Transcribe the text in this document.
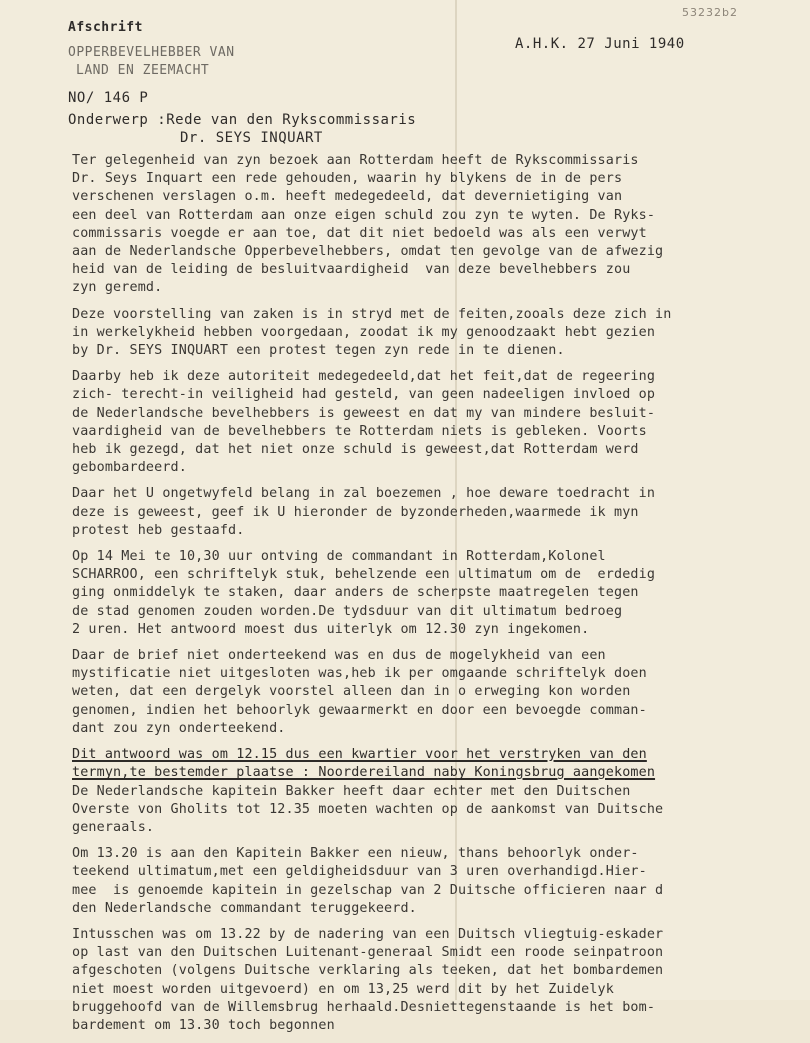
53232b2
Afschrift
OPPERBEVELHEBBER VAN
LAND EN ZEEMACHT
A.H.K. 27 Juni 1940
NO/ 146 P
Onderwerp :Rede van den Rykscommissaris
Dr. SEYS INQUART
Ter gelegenheid van zyn bezoek aan Rotterdam heeft de Rykscommissaris
Dr. Seys Inquart een rede gehouden, waarin hy blykens de in de pers
verschenen verslagen o.m. heeft medegedeeld, dat devernietiging van
een deel van Rotterdam aan onze eigen schuld zou zyn te wyten. De Ryks-
commissaris voegde er aan toe, dat dit niet bedoeld was als een verwyt
aan de Nederlandsche Opperbevelhebbers, omdat ten gevolge van de afwezig
heid van de leiding de besluitvaardigheid  van deze bevelhebbers zou
zyn geremd.
Deze voorstelling van zaken is in stryd met de feiten,zooals deze zich in
in werkelykheid hebben voorgedaan, zoodat ik my genoodzaakt hebt gezien
by Dr. SEYS INQUART een protest tegen zyn rede in te dienen.
Daarby heb ik deze autoriteit medegedeeld,dat het feit,dat de regeering
zich- terecht-in veiligheid had gesteld, van geen nadeeligen invloed op
de Nederlandsche bevelhebbers is geweest en dat my van mindere besluit-
vaardigheid van de bevelhebbers te Rotterdam niets is gebleken. Voorts
heb ik gezegd, dat het niet onze schuld is geweest,dat Rotterdam werd
gebombardeerd.
Daar het U ongetwyfeld belang in zal boezemen , hoe deware toedracht in
deze is geweest, geef ik U hieronder de byzonderheden,waarmede ik myn
protest heb gestaafd.
Op 14 Mei te 10,30 uur ontving de commandant in Rotterdam,Kolonel
SCHARROO, een schriftelyk stuk, behelzende een ultimatum om de  erdedig
ging onmiddelyk te staken, daar anders de scherpste maatregelen tegen
de stad genomen zouden worden.De tydsduur van dit ultimatum bedroeg
2 uren. Het antwoord moest dus uiterlyk om 12.30 zyn ingekomen.
Daar de brief niet onderteekend was en dus de mogelykheid van een
mystificatie niet uitgesloten was,heb ik per omgaande schriftelyk doen
weten, dat een dergelyk voorstel alleen dan in o erweging kon worden
genomen, indien het behoorlyk gewaarmerkt en door een bevoegde comman-
dant zou zyn onderteekend.
Dit antwoord was om 12.15 dus een kwartier voor het verstryken van den
termyn,te bestemder plaatse : Noordereiland naby Koningsbrug aangekomen
De Nederlandsche kapitein Bakker heeft daar echter met den Duitschen
Overste von Gholits tot 12.35 moeten wachten op de aankomst van Duitsche
generaals.
Om 13.20 is aan den Kapitein Bakker een nieuw, thans behoorlyk onder-
teekend ultimatum,met een geldigheidsduur van 3 uren overhandigd.Hier-
mee  is genoemde kapitein in gezelschap van 2 Duitsche officieren naar d
den Nederlandsche commandant teruggekeerd.
Intusschen was om 13.22 by de nadering van een Duitsch vliegtuig-eskader
op last van den Duitschen Luitenant-generaal Smidt een roode seinpatroon
afgeschoten (volgens Duitsche verklaring als teeken, dat het bombardemen
niet moest worden uitgevoerd) en om 13,25 werd dit by het Zuidelyk
bruggehoofd van de Willemsbrug herhaald.Desniettegenstaande is het bom-
bardement om 13.30 toch begonnen
